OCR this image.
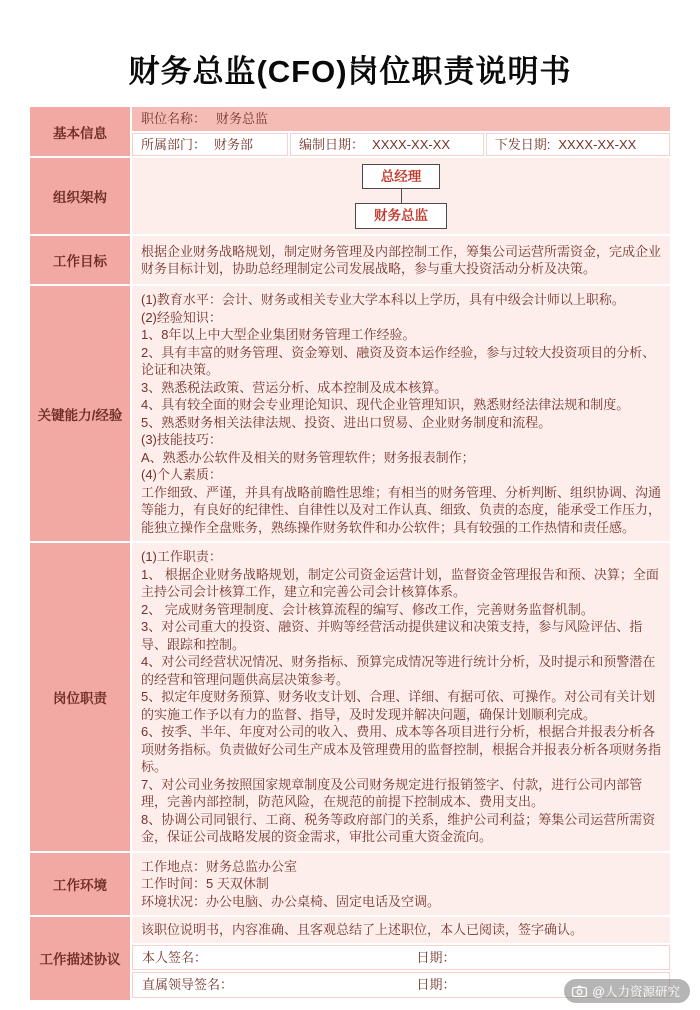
财务总监(CFO)岗位职责说明书
基本信息
职位名称： 财务总监
所属部门： 财务部	编制日期： XXXX-XX-XX	下发日期: XXXX-XX-XX
组织架构
总经理
财务总监
工作目标
根据企业财务战略规划，制定财务管理及内部控制工作，筹集公司运营所需资金，完成企业财务目标计划，协助总经理制定公司发展战略，参与重大投资活动分析及决策。
关键能力/经验
(1)教育水平：会计、财务或相关专业大学本科以上学历，具有中级会计师以上职称。
(2)经验知识：
1、8年以上中大型企业集团财务管理工作经验。
2、具有丰富的财务管理、资金筹划、融资及资本运作经验，参与过较大投资项目的分析、论证和决策。
3、熟悉税法政策、营运分析、成本控制及成本核算。
4、具有较全面的财会专业理论知识、现代企业管理知识，熟悉财经法律法规和制度。
5、熟悉财务相关法律法规、投资、进出口贸易、企业财务制度和流程。
(3)技能技巧：
A、熟悉办公软件及相关的财务管理软件；财务报表制作；
(4)个人素质：
工作细致、严谨，并具有战略前瞻性思维；有相当的财务管理、分析判断、组织协调、沟通等能力，有良好的纪律性、自律性以及对工作认真、细致、负责的态度，能承受工作压力，能独立操作全盘账务，熟练操作财务软件和办公软件；具有较强的工作热情和责任感。
岗位职责
(1)工作职责：
1、 根据企业财务战略规划，制定公司资金运营计划，监督资金管理报告和预、决算；全面主持公司会计核算工作，建立和完善公司会计核算体系。
2、 完成财务管理制度、会计核算流程的编写、修改工作，完善财务监督机制。
3、对公司重大的投资、融资、并购等经营活动提供建议和决策支持，参与风险评估、指导、跟踪和控制。
4、对公司经营状况情况、财务指标、预算完成情况等进行统计分析，及时提示和预警潜在的经营和管理问题供高层决策参考。
5、拟定年度财务预算、财务收支计划、合理、详细、有据可依、可操作。对公司有关计划的实施工作予以有力的监督、指导，及时发现并解决问题，确保计划顺利完成。
6、按季、半年、年度对公司的收入、费用、成本等各项目进行分析，根据合并报表分析各项财务指标。负责做好公司生产成本及管理费用的监督控制，根据合并报表分析各项财务指标。
7、对公司业务按照国家规章制度及公司财务规定进行报销签字、付款，进行公司内部管理，完善内部控制，防范风险，在规范的前提下控制成本、费用支出。
8、协调公司同银行、工商、税务等政府部门的关系，维护公司利益；筹集公司运营所需资金，保证公司战略发展的资金需求，审批公司重大资金流向。
工作环境
工作地点：财务总监办公室
工作时间：5 天双休制
环境状况：办公电脑、办公桌椅、固定电话及空调。
工作描述协议
该职位说明书，内容准确、且客观总结了上述职位，本人已阅读，签字确认。
本人签名：	日期：
直属领导签名：	日期：	@人力资源研究
